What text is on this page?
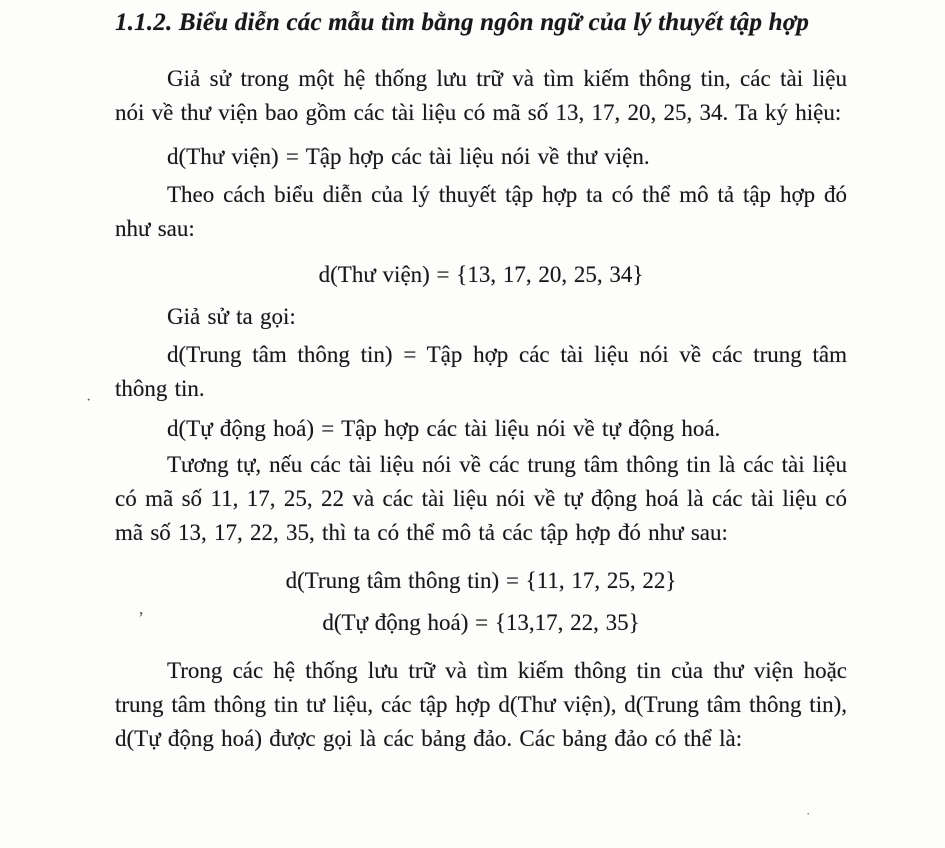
1.1.2. Biểu diễn các mẫu tìm bằng ngôn ngữ của lý thuyết tập hợp

Giả sử trong một hệ thống lưu trữ và tìm kiếm thông tin, các tài liệu nói về thư viện bao gồm các tài liệu có mã số 13, 17, 20, 25, 34. Ta ký hiệu:

d(Thư viện) = Tập hợp các tài liệu nói về thư viện.

Theo cách biểu diễn của lý thuyết tập hợp ta có thể mô tả tập hợp đó như sau:

d(Thư viện) = {13, 17, 20, 25, 34}

Giả sử ta gọi:

d(Trung tâm thông tin) = Tập hợp các tài liệu nói về các trung tâm thông tin.

d(Tự động hoá) = Tập hợp các tài liệu nói về tự động hoá.

Tương tự, nếu các tài liệu nói về các trung tâm thông tin là các tài liệu có mã số 11, 17, 25, 22 và các tài liệu nói về tự động hoá là các tài liệu có mã số 13, 17, 22, 35, thì ta có thể mô tả các tập hợp đó như sau:

d(Trung tâm thông tin) = {11, 17, 25, 22}

d(Tự động hoá) = {13,17, 22, 35}

Trong các hệ thống lưu trữ và tìm kiếm thông tin của thư viện hoặc trung tâm thông tin tư liệu, các tập hợp d(Thư viện), d(Trung tâm thông tin), d(Tự động hoá) được gọi là các bảng đảo. Các bảng đảo có thể là:

·
’
·
